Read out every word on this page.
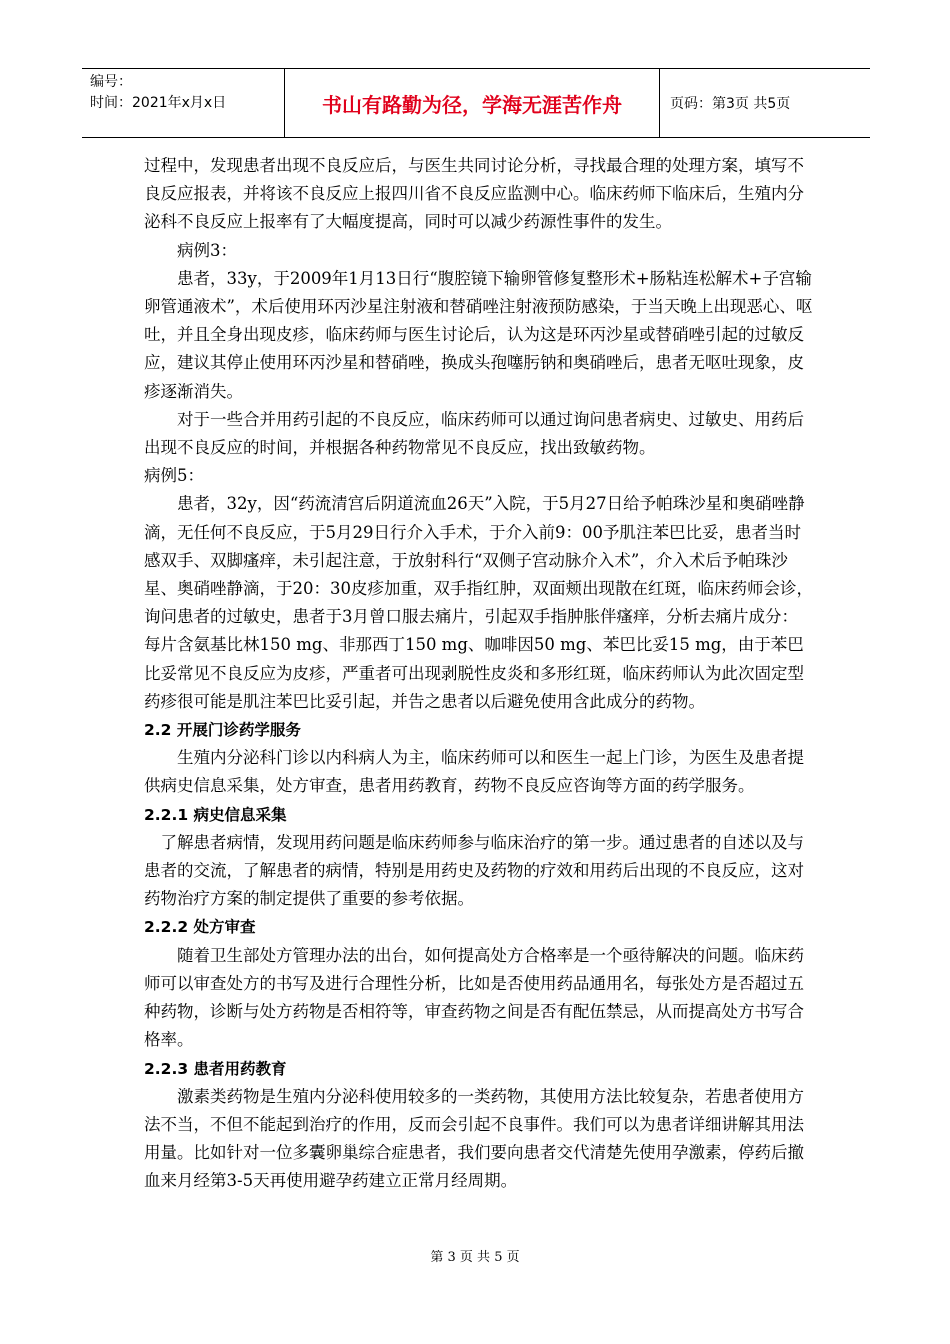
编号：
时间：2021年x月x日	书山有路勤为径，学海无涯苦作舟	页码：第3页 共5页

过程中，发现患者出现不良反应后，与医生共同讨论分析，寻找最合理的处理方案，填写不良反应报表，并将该不良反应上报四川省不良反应监测中心。临床药师下临床后，生殖内分泌科不良反应上报率有了大幅度提高，同时可以减少药源性事件的发生。

病例3：

患者，33y，于2009年1月13日行“腹腔镜下输卵管修复整形术+肠粘连松解术+子宫输卵管通液术”，术后使用环丙沙星注射液和替硝唑注射液预防感染，于当天晚上出现恶心、呕吐，并且全身出现皮疹，临床药师与医生讨论后，认为这是环丙沙星或替硝唑引起的过敏反应，建议其停止使用环丙沙星和替硝唑，换成头孢噻肟钠和奥硝唑后，患者无呕吐现象，皮疹逐渐消失。

对于一些合并用药引起的不良反应，临床药师可以通过询问患者病史、过敏史、用药后出现不良反应的时间，并根据各种药物常见不良反应，找出致敏药物。

病例5：

患者，32y，因“药流清宫后阴道流血26天”入院，于5月27日给予帕珠沙星和奥硝唑静滴，无任何不良反应，于5月29日行介入手术，于介入前9：00予肌注苯巴比妥，患者当时感双手、双脚瘙痒，未引起注意，于放射科行“双侧子宫动脉介入术”，介入术后予帕珠沙星、奥硝唑静滴，于20：30皮疹加重，双手指红肿，双面颊出现散在红斑，临床药师会诊，询问患者的过敏史，患者于3月曾口服去痛片，引起双手指肿胀伴瘙痒，分析去痛片成分：每片含氨基比林150 mg、非那西丁150 mg、咖啡因50 mg、苯巴比妥15 mg，由于苯巴比妥常见不良反应为皮疹，严重者可出现剥脱性皮炎和多形红斑，临床药师认为此次固定型药疹很可能是肌注苯巴比妥引起，并告之患者以后避免使用含此成分的药物。

2.2 开展门诊药学服务

生殖内分泌科门诊以内科病人为主，临床药师可以和医生一起上门诊，为医生及患者提供病史信息采集，处方审查，患者用药教育，药物不良反应咨询等方面的药学服务。

2.2.1 病史信息采集

了解患者病情，发现用药问题是临床药师参与临床治疗的第一步。通过患者的自述以及与患者的交流，了解患者的病情，特别是用药史及药物的疗效和用药后出现的不良反应，这对药物治疗方案的制定提供了重要的参考依据。

2.2.2 处方审查

随着卫生部处方管理办法的出台，如何提高处方合格率是一个亟待解决的问题。临床药师可以审查处方的书写及进行合理性分析，比如是否使用药品通用名，每张处方是否超过五种药物，诊断与处方药物是否相符等，审查药物之间是否有配伍禁忌，从而提高处方书写合格率。

2.2.3 患者用药教育

激素类药物是生殖内分泌科使用较多的一类药物，其使用方法比较复杂，若患者使用方法不当，不但不能起到治疗的作用，反而会引起不良事件。我们可以为患者详细讲解其用法用量。比如针对一位多囊卵巢综合症患者，我们要向患者交代清楚先使用孕激素，停药后撤血来月经第3-5天再使用避孕药建立正常月经周期。

第 3 页 共 5 页
